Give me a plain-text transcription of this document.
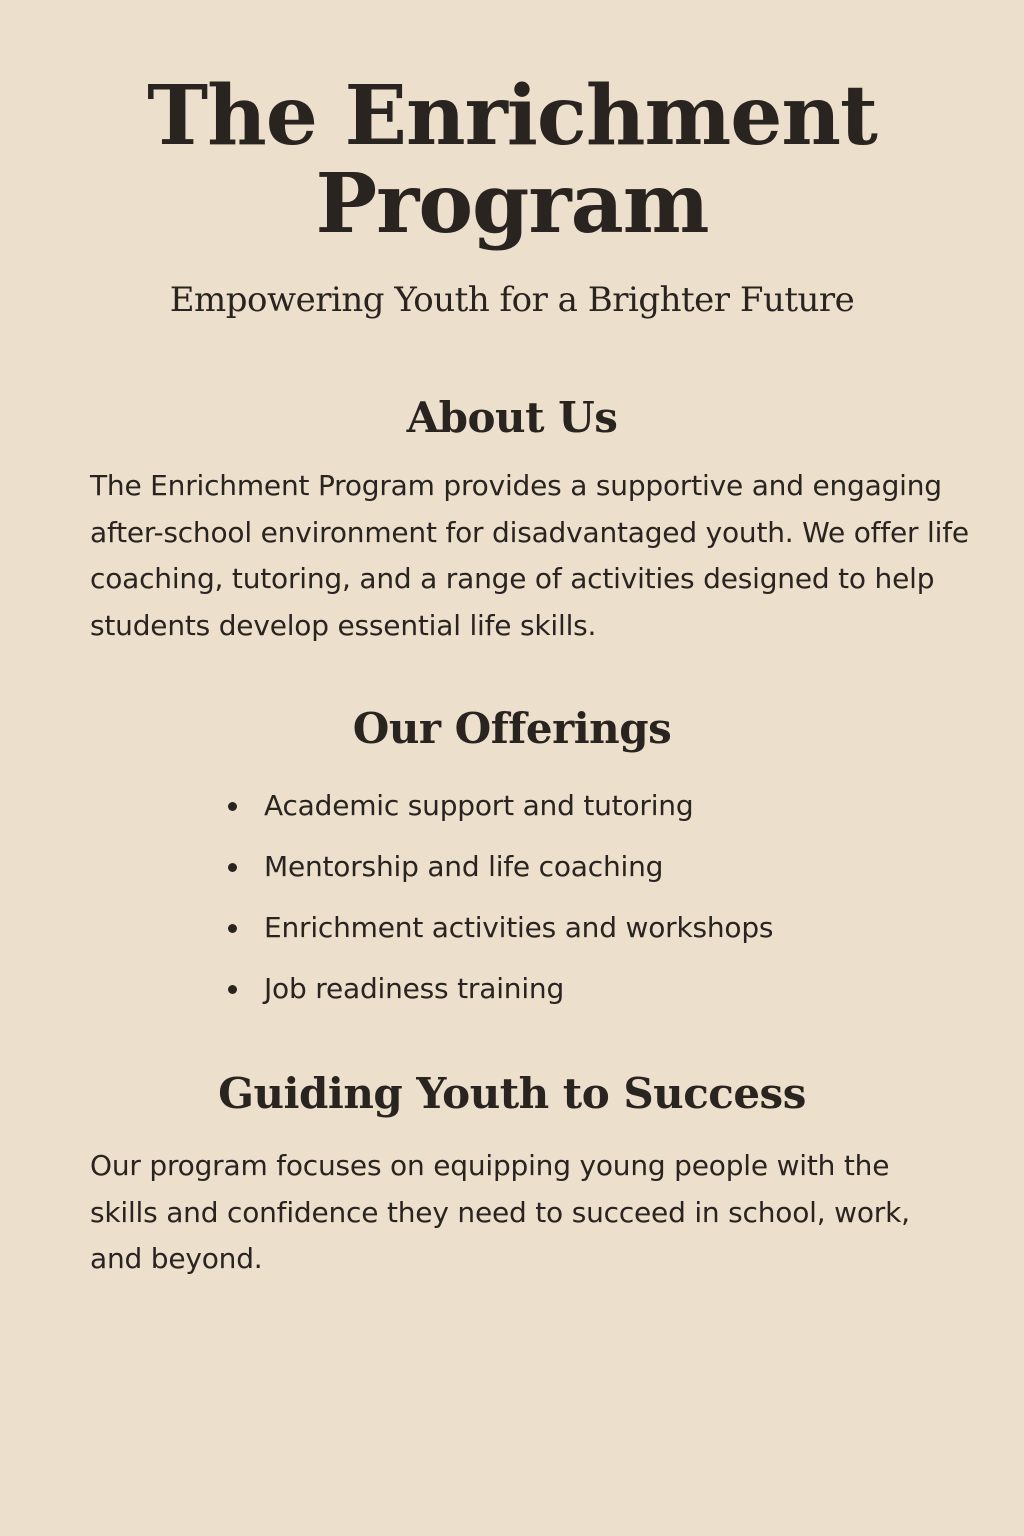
The Enrichment
Program

Empowering Youth for a Brighter Future

About Us

The Enrichment Program provides a supportive and engaging after-school environment for disadvantaged youth. We offer life coaching, tutoring, and a range of activities designed to help students develop essential life skills.

Our Offerings
Academic support and tutoring
Mentorship and life coaching
Enrichment activities and workshops
Job readiness training
Guiding Youth to Success

Our program focuses on equipping young people with the skills and confidence they need to succeed in school, work, and beyond.
